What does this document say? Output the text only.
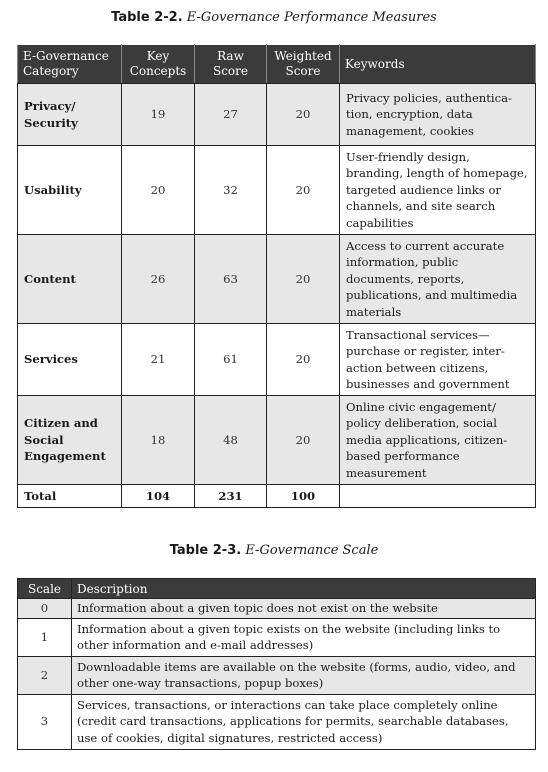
Table 2-2. E-Governance Performance Measures
E-Governance Category	Key Concepts	Raw Score	Weighted Score	Keywords
Privacy/ Security	19	27	20	Privacy policies, authentica-tion, encryption, data management, cookies
Usability	20	32	20	User-friendly design, branding, length of homepage, targeted audience links or channels, and site search capabilities
Content	26	63	20	Access to current accurate information, public documents, reports, publications, and multimedia materials
Services	21	61	20	Transactional services—purchase or register, inter-action between citizens, businesses and government
Citizen and Social Engagement	18	48	20	Online civic engagement/ policy deliberation, social media applications, citizen- based performance measurement
Total	104	231	100	
Table 2-3. E-Governance Scale
Scale	Description
0	Information about a given topic does not exist on the website
1	Information about a given topic exists on the website (including links to other information and e-mail addresses)
2	Downloadable items are available on the website (forms, audio, video, and other one-way transactions, popup boxes)
3	Services, transactions, or interactions can take place completely online (credit card transactions, applications for permits, searchable databases, use of cookies, digital signatures, restricted access)
